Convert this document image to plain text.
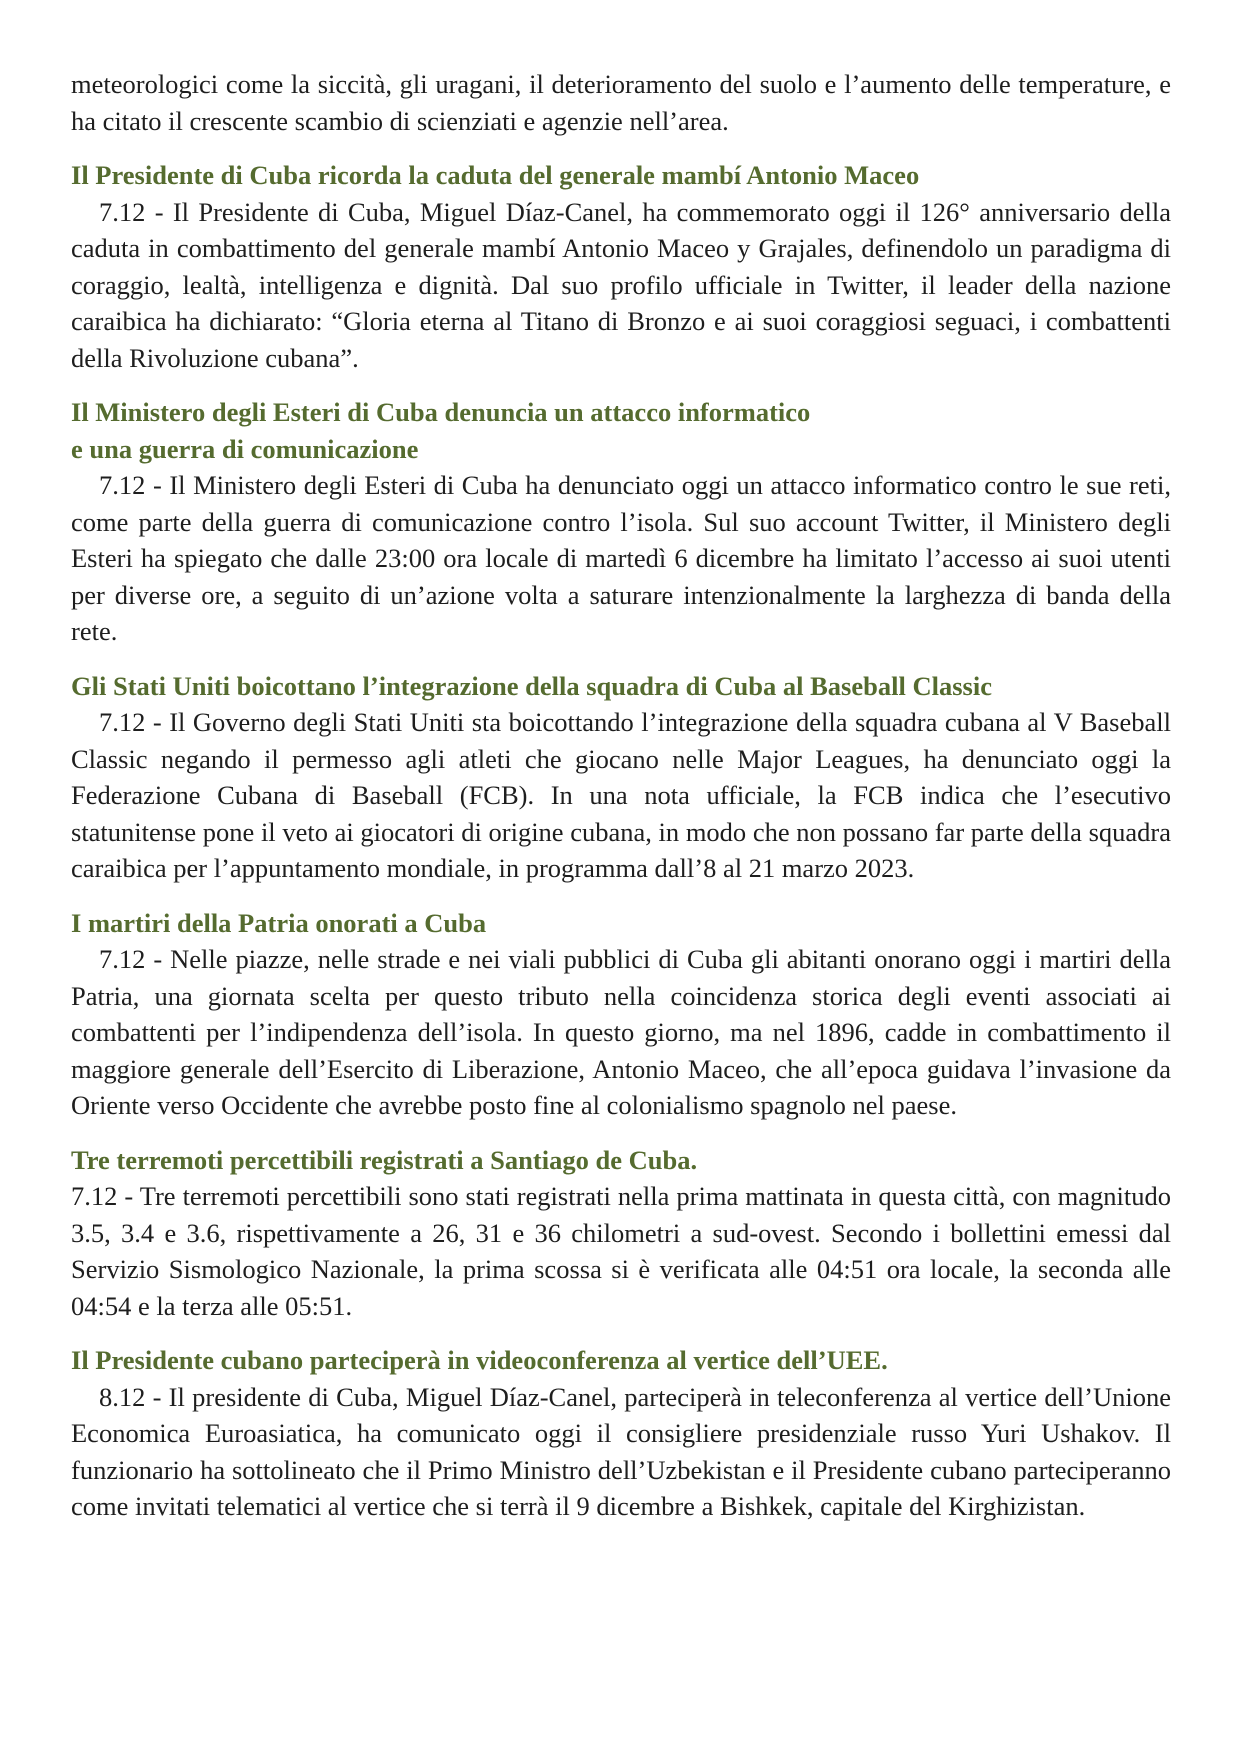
meteorologici come la siccità, gli uragani, il deterioramento del suolo e l’aumento delle temperature, e ha citato il crescente scambio di scienziati e agenzie nell’area.

Il Presidente di Cuba ricorda la caduta del generale mambí Antonio Maceo

7.12 - Il Presidente di Cuba, Miguel Díaz-Canel, ha commemorato oggi il 126° anniversario della caduta in combattimento del generale mambí Antonio Maceo y Grajales, definendolo un paradigma di coraggio, lealtà, intelligenza e dignità. Dal suo profilo ufficiale in Twitter, il leader della nazione caraibica ha dichiarato: “Gloria eterna al Titano di Bronzo e ai suoi coraggiosi seguaci, i combattenti della Rivoluzione cubana”.

Il Ministero degli Esteri di Cuba denuncia un attacco informatico

e una guerra di comunicazione

7.12 - Il Ministero degli Esteri di Cuba ha denunciato oggi un attacco informatico contro le sue reti, come parte della guerra di comunicazione contro l’isola. Sul suo account Twitter, il Ministero degli Esteri ha spiegato che dalle 23:00 ora locale di martedì 6 dicembre ha limitato l’accesso ai suoi utenti per diverse ore, a seguito di un’azione volta a saturare intenzionalmente la larghezza di banda della rete.

Gli Stati Uniti boicottano l’integrazione della squadra di Cuba al Baseball Classic

7.12 - Il Governo degli Stati Uniti sta boicottando l’integrazione della squadra cubana al V Baseball Classic negando il permesso agli atleti che giocano nelle Major Leagues, ha denunciato oggi la Federazione Cubana di Baseball (FCB). In una nota ufficiale, la FCB indica che l’esecutivo statunitense pone il veto ai giocatori di origine cubana, in modo che non possano far parte della squadra caraibica per l’appuntamento mondiale, in programma dall’8 al 21 marzo 2023.

I martiri della Patria onorati a Cuba

7.12 - Nelle piazze, nelle strade e nei viali pubblici di Cuba gli abitanti onorano oggi i martiri della Patria, una giornata scelta per questo tributo nella coincidenza storica degli eventi associati ai combattenti per l’indipendenza dell’isola. In questo giorno, ma nel 1896, cadde in combattimento il maggiore generale dell’Esercito di Liberazione, Antonio Maceo, che all’epoca guidava l’invasione da Oriente verso Occidente che avrebbe posto fine al colonialismo spagnolo nel paese.

Tre terremoti percettibili registrati a Santiago de Cuba.

7.12 - Tre terremoti percettibili sono stati registrati nella prima mattinata in questa città, con magnitudo 3.5, 3.4 e 3.6, rispettivamente a 26, 31 e 36 chilometri a sud-ovest. Secondo i bollettini emessi dal Servizio Sismologico Nazionale, la prima scossa si è verificata alle 04:51 ora locale, la seconda alle 04:54 e la terza alle 05:51.

Il Presidente cubano parteciperà in videoconferenza al vertice dell’UEE.

8.12 - Il presidente di Cuba, Miguel Díaz-Canel, parteciperà in teleconferenza al vertice dell’Unione Economica Euroasiatica, ha comunicato oggi il consigliere presidenziale russo Yuri Ushakov. Il funzionario ha sottolineato che il Primo Ministro dell’Uzbekistan e il Presidente cubano parteciperanno come invitati telematici al vertice che si terrà il 9 dicembre a Bishkek, capitale del Kirghizistan.
